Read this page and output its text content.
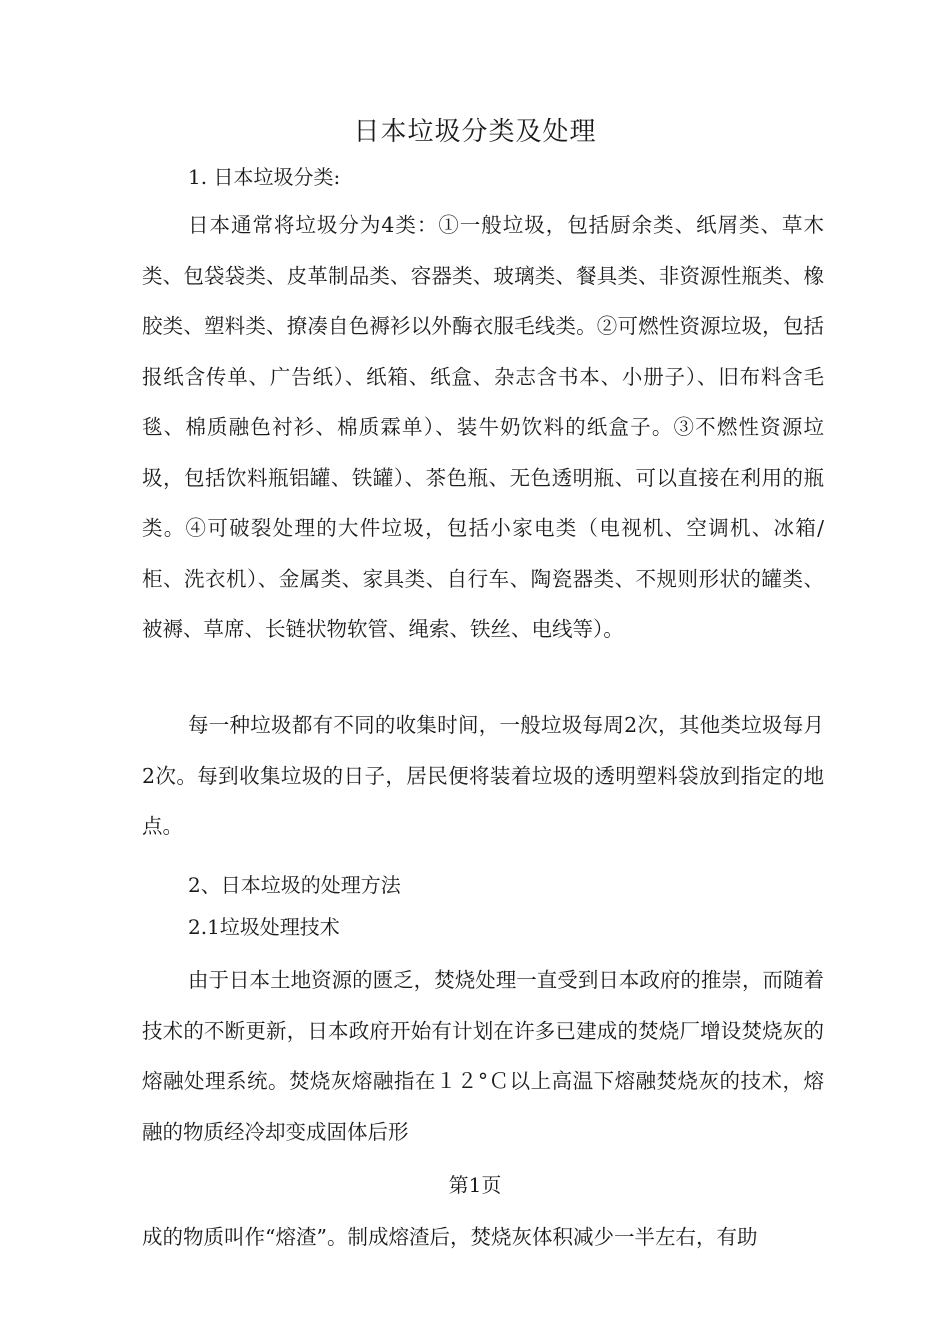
日本垃圾分类及处理
1. 日本垃圾分类:

日本通常将垃圾分为4类：①一般垃圾，包括厨余类、纸屑类、草木类、包袋袋类、皮革制品类、容器类、玻璃类、餐具类、非资源性瓶类、橡胶类、塑料类、撩凑自色褥衫以外酶衣服毛线类。②可燃性资源垃圾，包括报纸含传单、广告纸）、纸箱、纸盒、杂志含书本、小册子）、旧布料含毛毯、棉质融色衬衫、棉质霖单）、装牛奶饮料的纸盒子。③不燃性资源垃圾，包括饮料瓶铝罐、铁罐）、茶色瓶、无色透明瓶、可以直接在利用的瓶类。④可破裂处理的大件垃圾，包括小家电类（电视机、空调机、冰箱/柜、洗衣机）、金属类、家具类、自行车、陶瓷器类、不规则形状的罐类、被褥、草席、长链状物软管、绳索、铁丝、电线等）。

每一种垃圾都有不同的收集时间，一般垃圾每周2次，其他类垃圾每月2次。每到收集垃圾的日子，居民便将装着垃圾的透明塑料袋放到指定的地点。

2、日本垃圾的处理方法
2.1垃圾处理技术

由于日本土地资源的匮乏，焚烧处理一直受到日本政府的推崇，而随着技术的不断更新，日本政府开始有计划在许多已建成的焚烧厂增设焚烧灰的熔融处理系统。焚烧灰熔融指在１２°Ｃ以上高温下熔融焚烧灰的技术，熔融的物质经冷却变成固体后形

第1页

成的物质叫作“熔渣”。制成熔渣后，焚烧灰体积减少一半左右，有助
